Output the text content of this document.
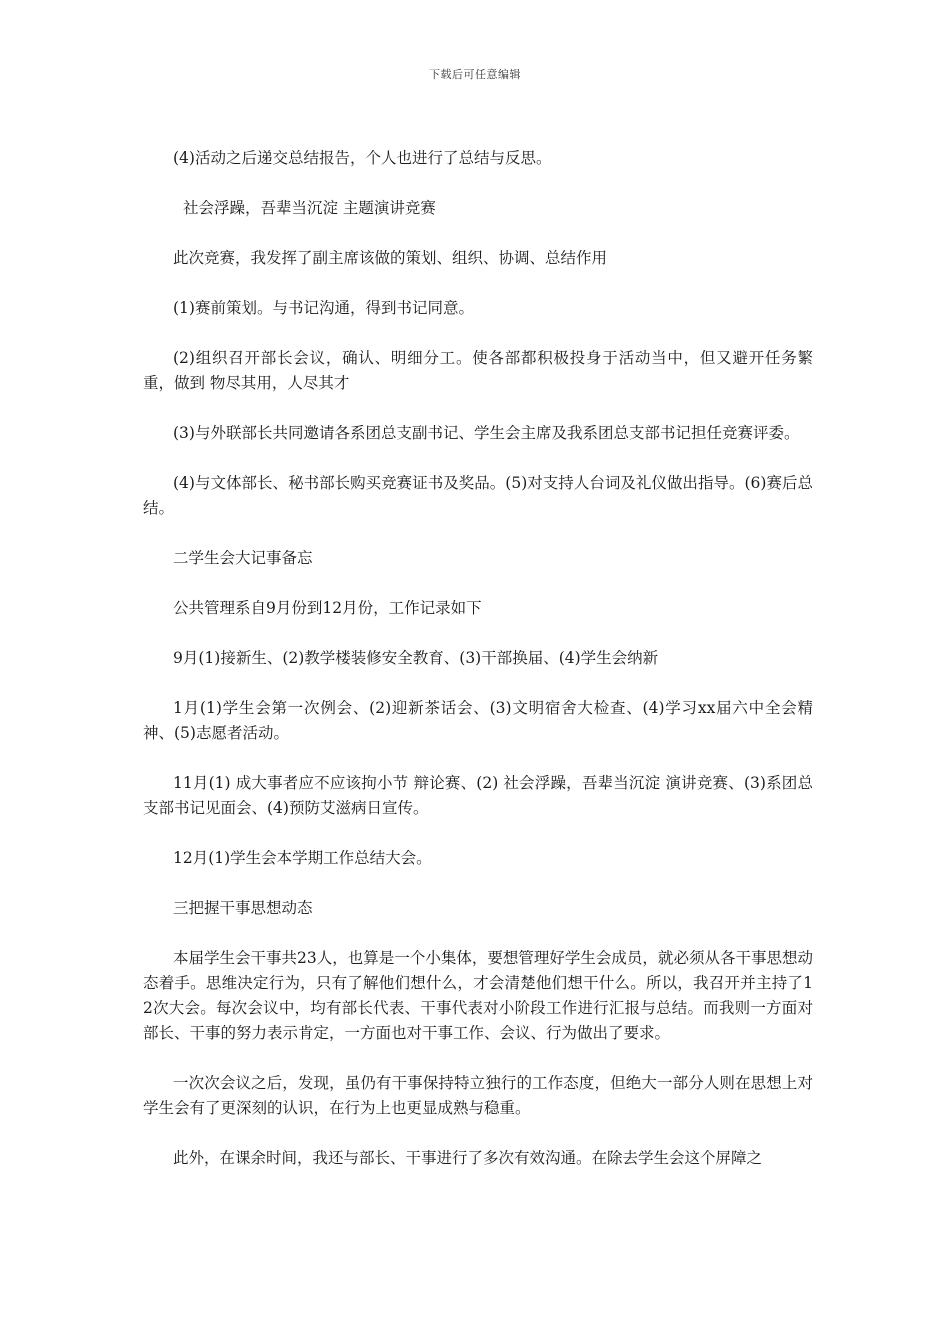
下载后可任意编辑

(4)活动之后递交总结报告，个人也进行了总结与反思。

社会浮躁，吾辈当沉淀 主题演讲竞赛

此次竞赛，我发挥了副主席该做的策划、组织、协调、总结作用

(1)赛前策划。与书记沟通，得到书记同意。

(2)组织召开部长会议，确认、明细分工。使各部都积极投身于活动当中，但又避开任务繁重，做到 物尽其用，人尽其才

(3)与外联部长共同邀请各系团总支副书记、学生会主席及我系团总支部书记担任竞赛评委。

(4)与文体部长、秘书部长购买竞赛证书及奖品。(5)对支持人台词及礼仪做出指导。(6)赛后总结。

二学生会大记事备忘

公共管理系自9月份到12月份，工作记录如下

9月(1)接新生、(2)教学楼装修安全教育、(3)干部换届、(4)学生会纳新

1月(1)学生会第一次例会、(2)迎新茶话会、(3)文明宿舍大检查、(4)学习xx届六中全会精神、(5)志愿者活动。

11月(1) 成大事者应不应该拘小节 辩论赛、(2) 社会浮躁，吾辈当沉淀 演讲竞赛、(3)系团总支部书记见面会、(4)预防艾滋病日宣传。

12月(1)学生会本学期工作总结大会。

三把握干事思想动态

本届学生会干事共23人，也算是一个小集体，要想管理好学生会成员，就必须从各干事思想动态着手。思维决定行为，只有了解他们想什么，才会清楚他们想干什么。所以，我召开并主持了12次大会。每次会议中，均有部长代表、干事代表对小阶段工作进行汇报与总结。而我则一方面对部长、干事的努力表示肯定，一方面也对干事工作、会议、行为做出了要求。

一次次会议之后，发现，虽仍有干事保持特立独行的工作态度，但绝大一部分人则在思想上对学生会有了更深刻的认识，在行为上也更显成熟与稳重。

此外，在课余时间，我还与部长、干事进行了多次有效沟通。在除去学生会这个屏障之
